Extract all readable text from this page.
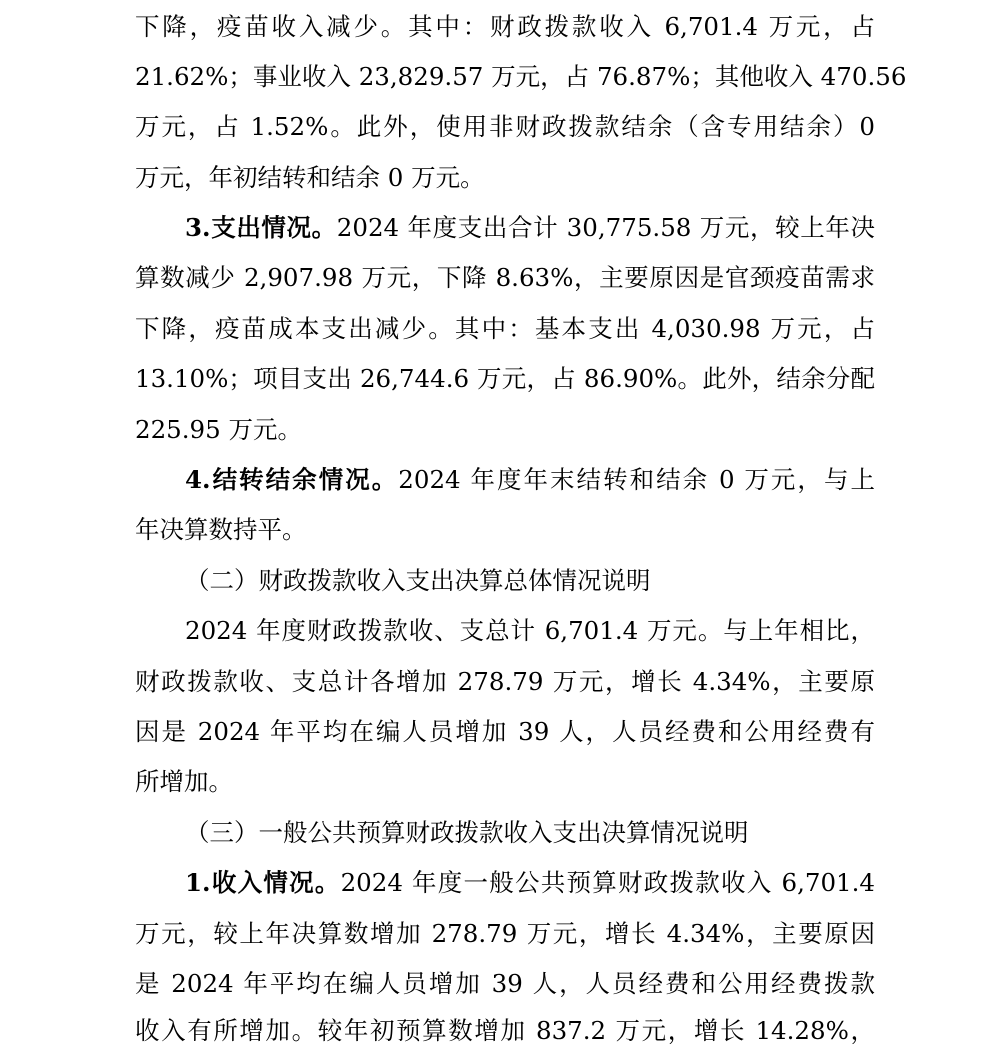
下降，疫苗收入减少。其中：财政拨款收入 6,701.4 万元，占
21.62%；事业收入 23,829.57 万元，占 76.87%；其他收入 470.56
万元，占 1.52%。此外，使用非财政拨款结余（含专用结余）0
万元，年初结转和结余 0 万元。
3.支出情况。2024 年度支出合计 30,775.58 万元，较上年决
算数减少 2,907.98 万元，下降 8.63%，主要原因是官颈疫苗需求
下降，疫苗成本支出减少。其中：基本支出 4,030.98 万元，占
13.10%；项目支出 26,744.6 万元，占 86.90%。此外，结余分配
225.95 万元。
4.结转结余情况。2024 年度年末结转和结余 0 万元，与上
年决算数持平。
（二）财政拨款收入支出决算总体情况说明
2024 年度财政拨款收、支总计 6,701.4 万元。与上年相比，
财政拨款收、支总计各增加 278.79 万元，增长 4.34%，主要原
因是 2024 年平均在编人员增加 39 人，人员经费和公用经费有
所增加。
（三）一般公共预算财政拨款收入支出决算情况说明
1.收入情况。2024 年度一般公共预算财政拨款收入 6,701.4
万元，较上年决算数增加 278.79 万元，增长 4.34%，主要原因
是 2024 年平均在编人员增加 39 人，人员经费和公用经费拨款
收入有所增加。较年初预算数增加 837.2 万元，增长 14.28%，
